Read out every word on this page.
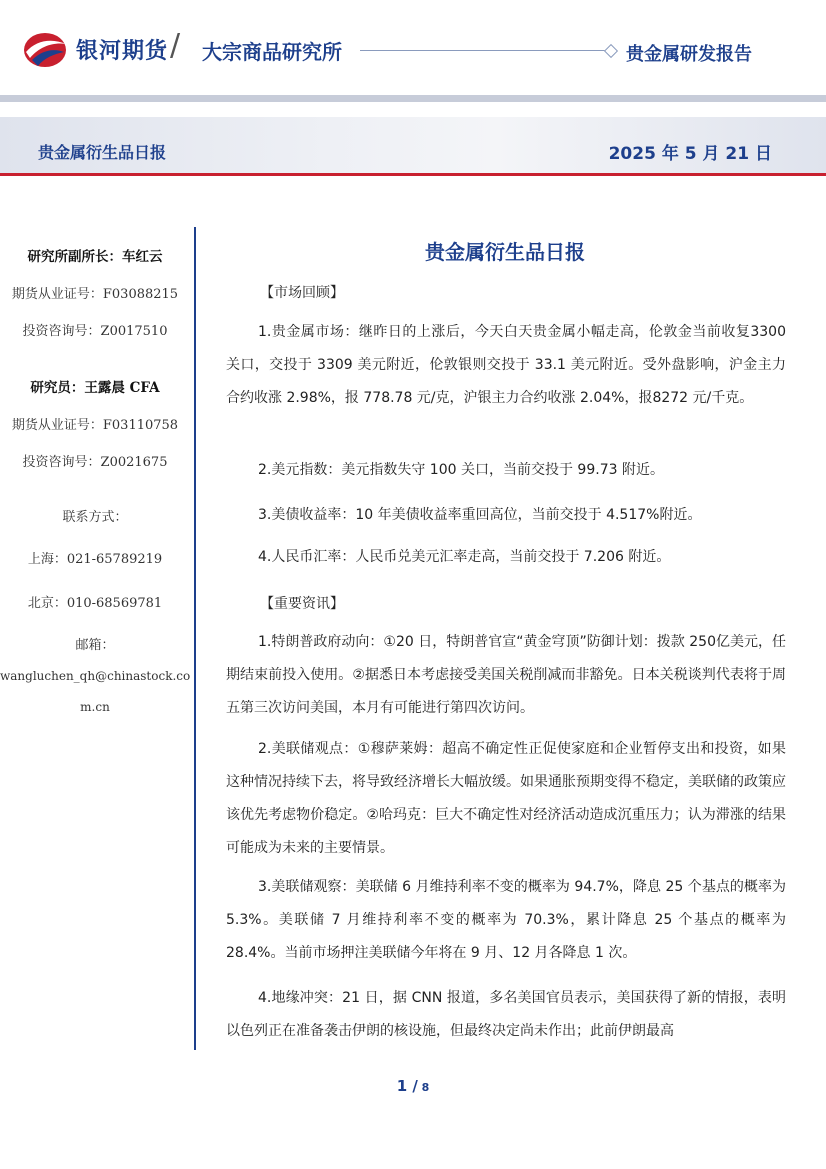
银河期货 / 大宗商品研究所	贵金属研发报告
贵金属衍生品日报	2025 年 5 月 21 日
研究所副所长：车红云
期货从业证号：F03088215
投资咨询号：Z0017510
研究员：王露晨 CFA
期货从业证号：F03110758
投资咨询号：Z0021675
联系方式：
上海：021-65789219
北京：010-68569781
邮箱：
wangluchen_qh@chinastock.co
m.cn
贵金属衍生品日报
【市场回顾】

1.贵金属市场：继昨日的上涨后，今天白天贵金属小幅走高，伦敦金当前收复3300 关口，交投于 3309 美元附近，伦敦银则交投于 33.1 美元附近。受外盘影响，沪金主力合约收涨 2.98%，报 778.78 元/克，沪银主力合约收涨 2.04%，报8272 元/千克。

2.美元指数：美元指数失守 100 关口，当前交投于 99.73 附近。

3.美债收益率：10 年美债收益率重回高位，当前交投于 4.517%附近。

4.人民币汇率：人民币兑美元汇率走高，当前交投于 7.206 附近。

【重要资讯】

1.特朗普政府动向：①20 日，特朗普官宣“黄金穹顶”防御计划：拨款 250亿美元，任期结束前投入使用。②据悉日本考虑接受美国关税削减而非豁免。日本关税谈判代表将于周五第三次访问美国，本月有可能进行第四次访问。

2.美联储观点：①穆萨莱姆：超高不确定性正促使家庭和企业暂停支出和投资，如果这种情况持续下去，将导致经济增长大幅放缓。如果通胀预期变得不稳定，美联储的政策应该优先考虑物价稳定。②哈玛克：巨大不确定性对经济活动造成沉重压力；认为滞涨的结果可能成为未来的主要情景。

3.美联储观察：美联储 6 月维持利率不变的概率为 94.7%，降息 25 个基点的概率为 5.3%。美联储 7 月维持利率不变的概率为 70.3%，累计降息 25 个基点的概率为 28.4%。当前市场押注美联储今年将在 9 月、12 月各降息 1 次。

4.地缘冲突：21 日，据 CNN 报道，多名美国官员表示，美国获得了新的情报，表明以色列正在准备袭击伊朗的核设施，但最终决定尚未作出；此前伊朗最高

1 / 8
